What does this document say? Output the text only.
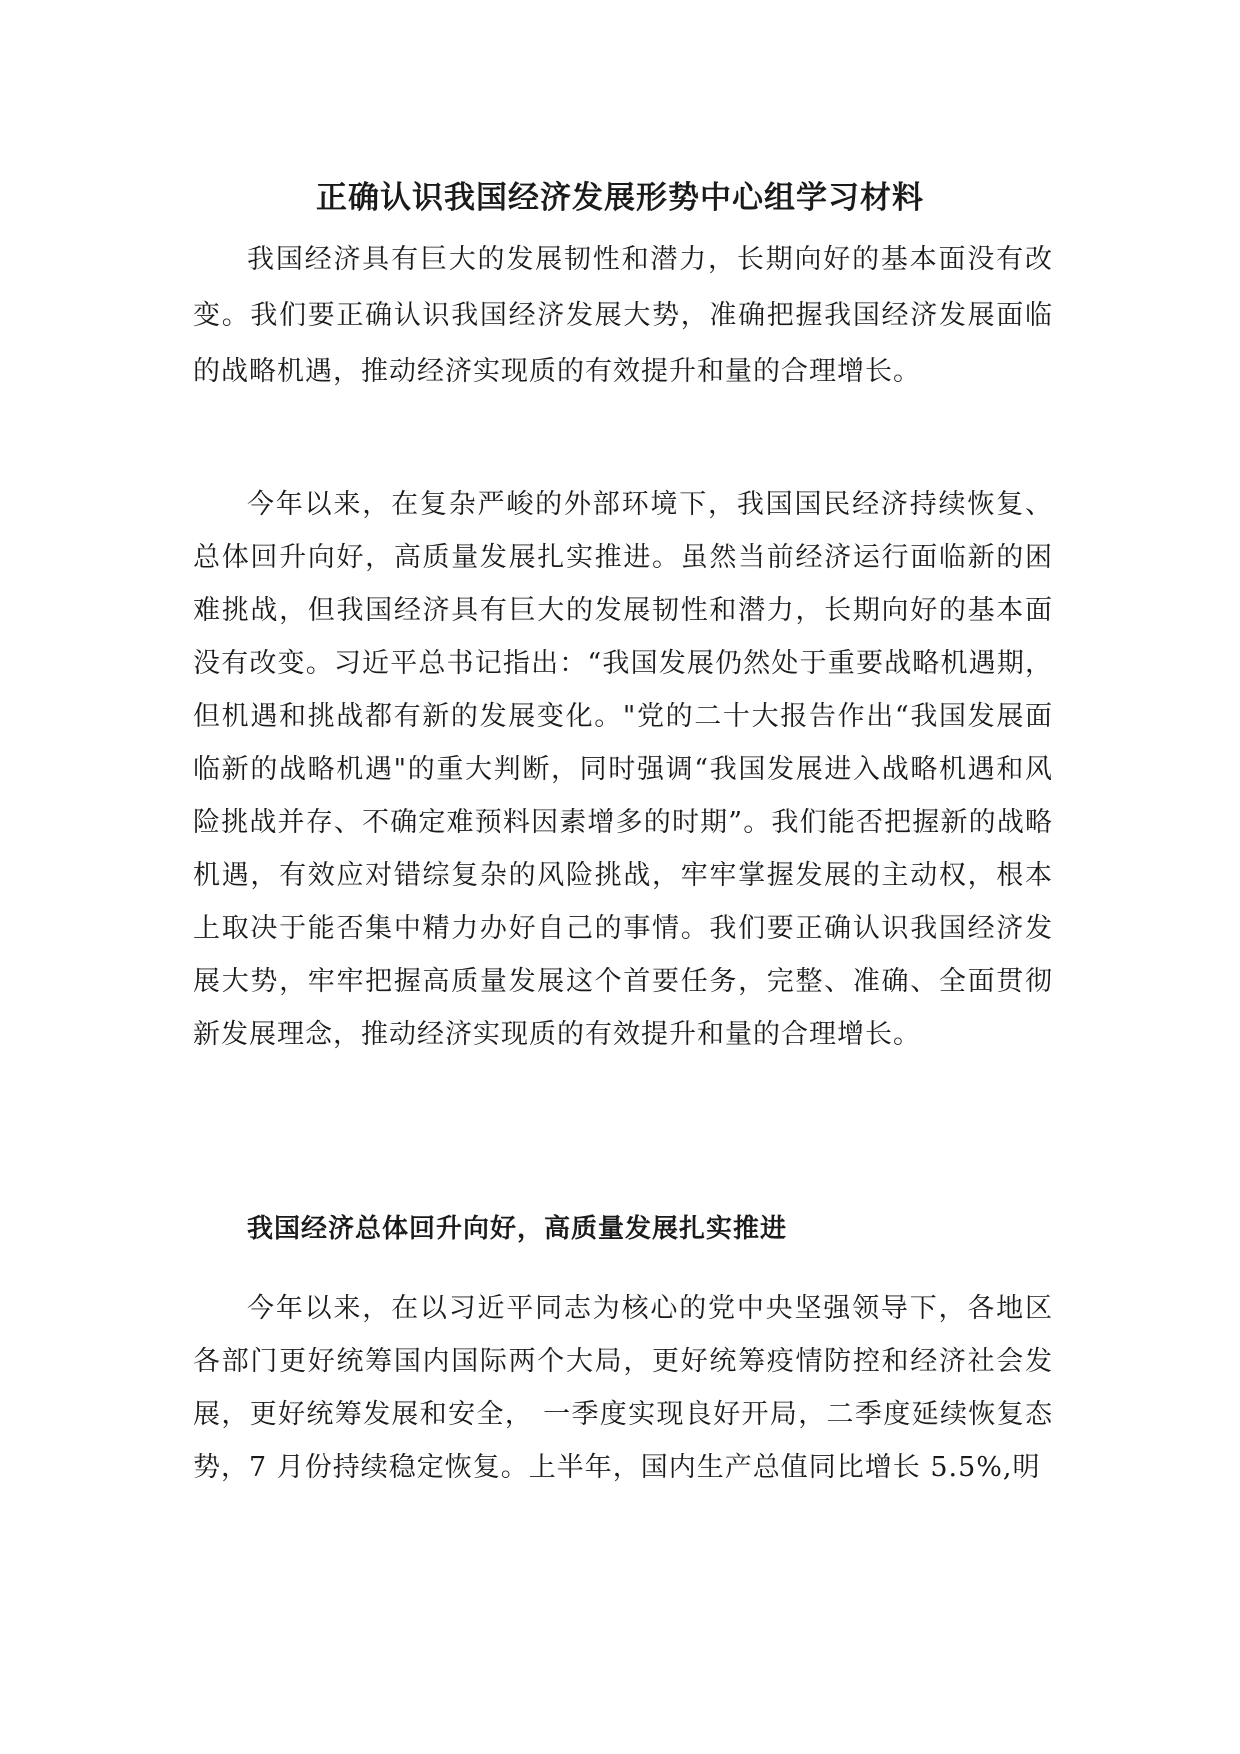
正确认识我国经济发展形势中心组学习材料

我国经济具有巨大的发展韧性和潜力，长期向好的基本面没有改变。我们要正确认识我国经济发展大势，准确把握我国经济发展面临的战略机遇，推动经济实现质的有效提升和量的合理增长。

今年以来，在复杂严峻的外部环境下，我国国民经济持续恢复、总体回升向好，高质量发展扎实推进。虽然当前经济运行面临新的困难挑战，但我国经济具有巨大的发展韧性和潜力，长期向好的基本面没有改变。习近平总书记指出：“我国发展仍然处于重要战略机遇期，但机遇和挑战都有新的发展变化。"党的二十大报告作出“我国发展面临新的战略机遇"的重大判断，同时强调“我国发展进入战略机遇和风险挑战并存、不确定难预料因素增多的时期”。我们能否把握新的战略机遇，有效应对错综复杂的风险挑战，牢牢掌握发展的主动权，根本上取决于能否集中精力办好自己的事情。我们要正确认识我国经济发展大势，牢牢把握高质量发展这个首要任务，完整、准确、全面贯彻新发展理念，推动经济实现质的有效提升和量的合理增长。

我国经济总体回升向好，高质量发展扎实推进

今年以来，在以习近平同志为核心的党中央坚强领导下，各地区各部门更好统筹国内国际两个大局，更好统筹疫情防控和经济社会发展，更好统筹发展和安全， 一季度实现良好开局，二季度延续恢复态势，7 月份持续稳定恢复。上半年，国内生产总值同比增长 5.5%,明
